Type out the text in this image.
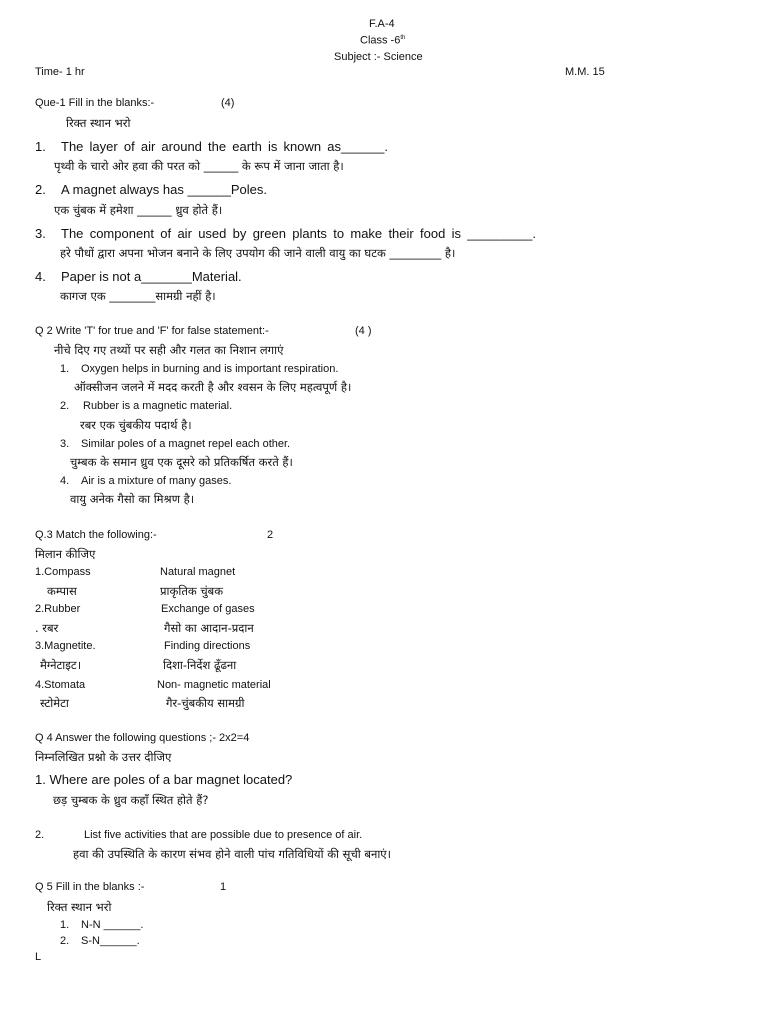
F.A-4
Class -6th
Subject :- Science
Time- 1 hr	M.M. 15
Que-1 Fill in the blanks:-	(4)
रिक्त स्थान भरो
1. The layer of air around the earth is known as______.
पृथ्वी के चारो ओर हवा की परत को ______ के रूप में जाना जाता है।
2. A magnet always has ______Poles.
एक चुंबक में हमेशा ______ ध्रुव होते हैं।
3. The component of air used by green plants to make their food is _________.
हरे पौधों द्वारा अपना भोजन बनाने के लिए उपयोग की जाने वाली वायु का घटक _________ है।
4. Paper is not a_______Material.
कागज एक ________सामग्री नहीं है।
Q 2 Write 'T' for true and 'F' for false statement:-	(4 )
नीचे दिए गए तथ्यों पर सही और गलत का निशान लगाएं
1. Oxygen helps in burning and is important respiration.
ऑक्सीजन जलने में मदद करती है और श्वसन के लिए महत्वपूर्ण है।
2. Rubber is a magnetic material.
रबर एक चुंबकीय पदार्थ है।
3. Similar poles of a magnet repel each other.
चुम्बक के समान ध्रुव एक दूसरे को प्रतिकर्षित करते हैं।
4. Air is a mixture of many gases.
वायु अनेक गैसो का मिश्रण है।
Q.3 Match the following:-	2
मिलान कीजिए
1.Compass	Natural magnet
कम्पास	प्राकृतिक चुंबक
2.Rubber	Exchange of gases
. रबर	गैसो का आदान-प्रदान
3.Magnetite.	Finding directions
मैग्नेटाइट।	दिशा-निर्देश ढूँढना
4.Stomata	Non- magnetic material
स्टोमेटा	गैर-चुंबकीय सामग्री
Q 4 Answer the following questions ;- 2x2=4
निम्नलिखित प्रश्नो के उत्तर दीजिए
1. Where are poles of a bar magnet located?
छड़ चुम्बक के ध्रुव कहाँ स्थित होते हैं?
2.	List five activities that are possible due to presence of air.
हवा की उपस्थिति के कारण संभव होने वाली पांच गतिविधियों की सूची बनाएं।
Q 5 Fill in the blanks :-	1
रिक्त स्थान भरो
1. N-N ______.
2. S-N______.
L
